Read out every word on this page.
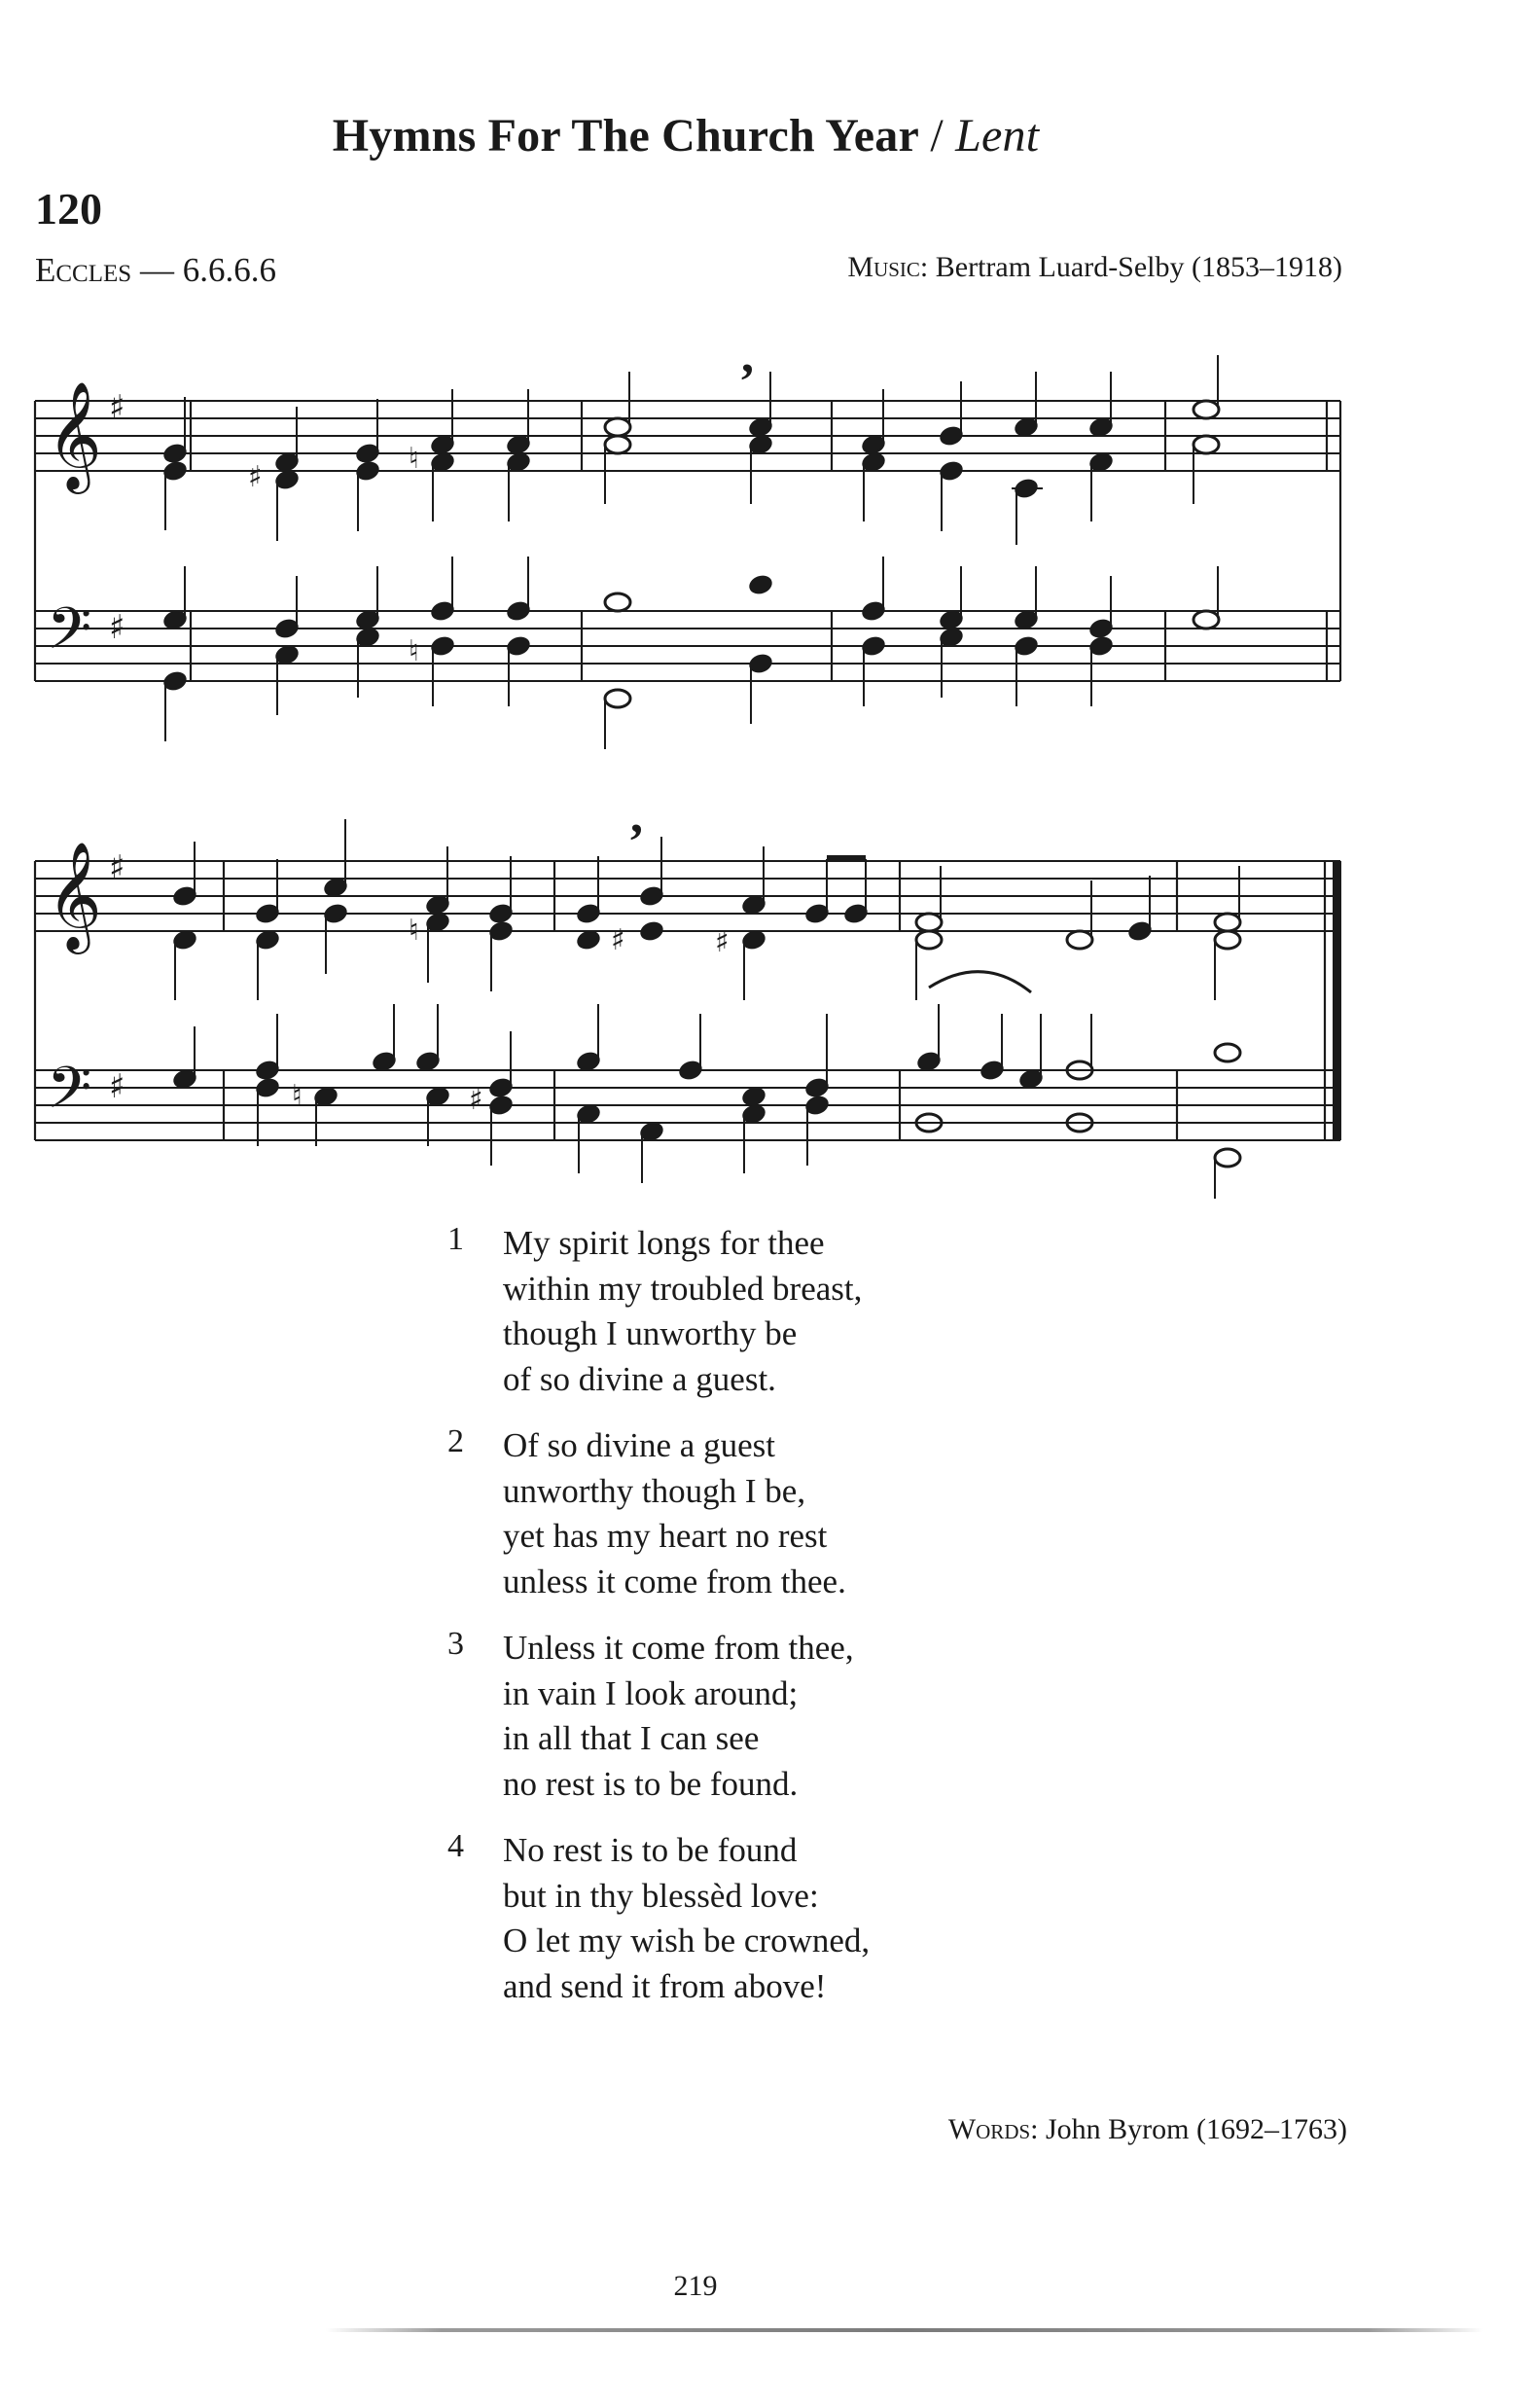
Hymns For The Church Year / Lent
120
Eccles — 6.6.6.6	Music: Bertram Luard-Selby (1853–1918)
𝄞
𝄢
𝄞
𝄢
♯
♯
♯
♯
,
,
♯
♯	♯
♯
♮
♮
♮
♮
1	My spirit longs for thee
within my troubled breast,
though I unworthy be
of so divine a guest.
2	Of so divine a guest
unworthy though I be,
yet has my heart no rest
unless it come from thee.
3	Unless it come from thee,
in vain I look around;
in all that I can see
no rest is to be found.
4	No rest is to be found
but in thy blessèd love:
O let my wish be crowned,
and send it from above!
Words: John Byrom (1692–1763)
219
